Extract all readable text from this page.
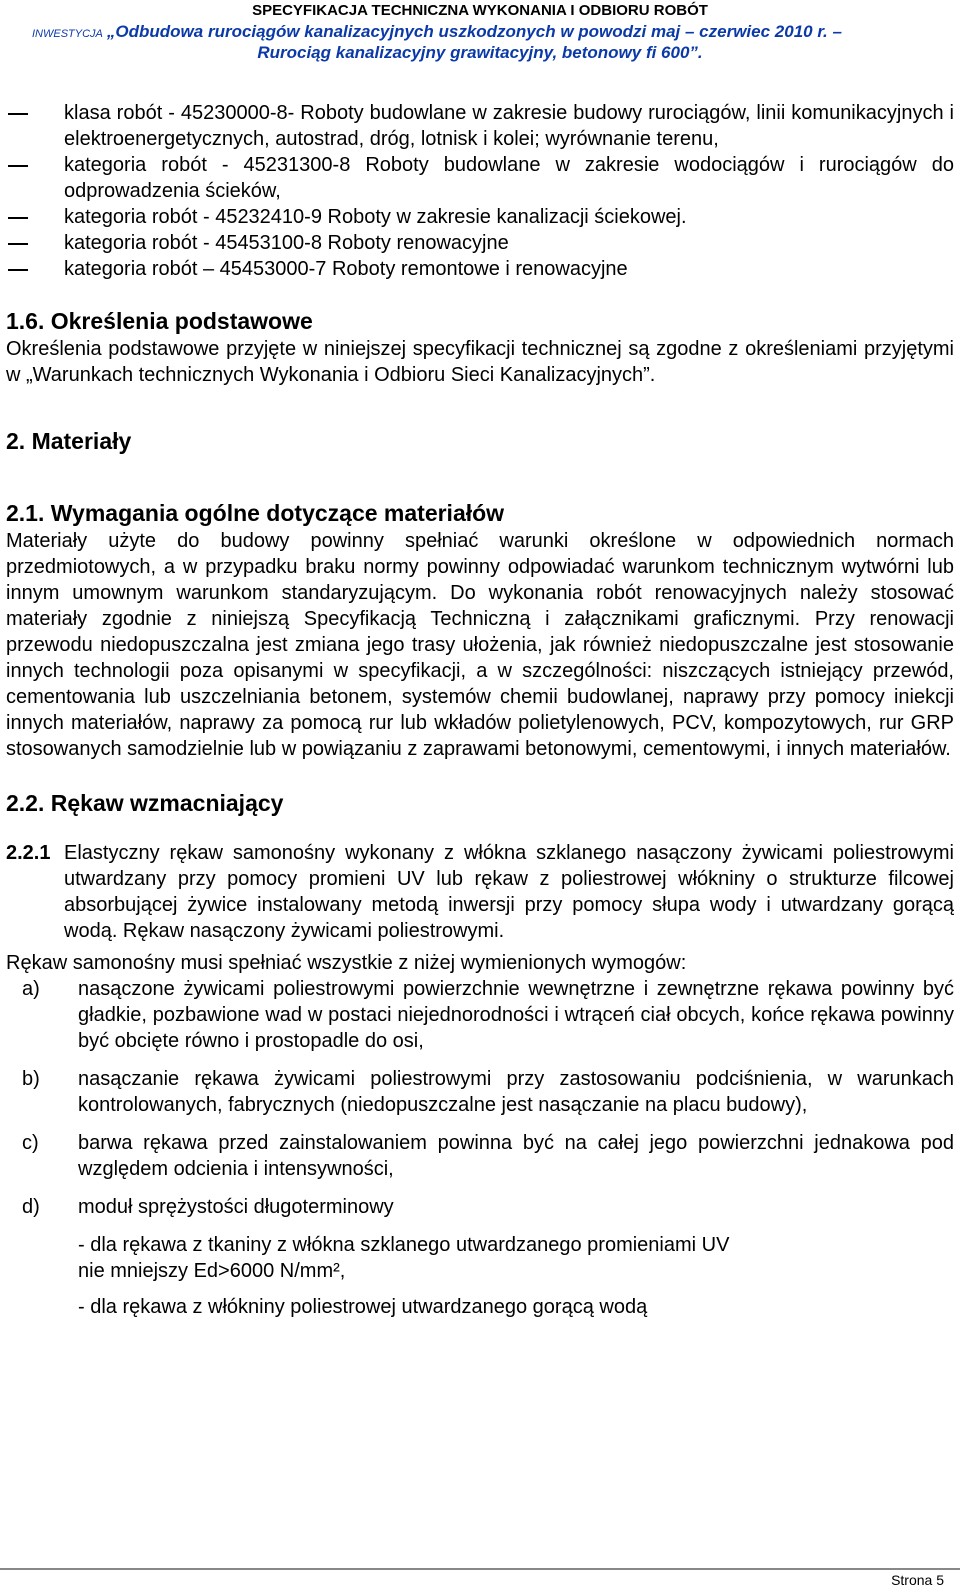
SPECYFIKACJA TECHNICZNA WYKONANIA I ODBIORU ROBÓT
INWESTYCJA „Odbudowa rurociągów kanalizacyjnych uszkodzonych w powodzi maj – czerwiec 2010 r. –
Rurociąg kanalizacyjny grawitacyjny, betonowy fi 600”.
klasa robót - 45230000-8- Roboty budowlane w zakresie budowy rurociągów, linii komunikacyjnych i elektroenergetycznych, autostrad, dróg, lotnisk i kolei; wyrównanie terenu,
kategoria robót - 45231300-8 Roboty budowlane w zakresie wodociągów i rurociągów do odprowadzenia ścieków,
kategoria robót - 45232410-9 Roboty w zakresie kanalizacji ściekowej.
kategoria robót - 45453100-8 Roboty renowacyjne
kategoria robót – 45453000-7 Roboty remontowe i renowacyjne
1.6. Określenia podstawowe
Określenia podstawowe przyjęte w niniejszej specyfikacji technicznej są zgodne z określeniami przyjętymi w „Warunkach technicznych Wykonania i Odbioru Sieci Kanalizacyjnych”.
2. Materiały
2.1. Wymagania ogólne dotyczące materiałów
Materiały użyte do budowy powinny spełniać warunki określone w odpowiednich normach przedmiotowych, a w przypadku braku normy powinny odpowiadać warunkom technicznym wytwórni lub innym umownym warunkom standaryzującym. Do wykonania robót renowacyjnych należy stosować materiały zgodnie z niniejszą Specyfikacją Techniczną i załącznikami graficznymi. Przy renowacji przewodu niedopuszczalna jest zmiana jego trasy ułożenia, jak również niedopuszczalne jest stosowanie innych technologii poza opisanymi w specyfikacji, a w szczególności: niszczących istniejący przewód, cementowania lub uszczelniania betonem, systemów chemii budowlanej, naprawy przy pomocy iniekcji innych materiałów, naprawy za pomocą rur lub wkładów polietylenowych, PCV, kompozytowych, rur GRP stosowanych samodzielnie lub w powiązaniu z zaprawami betonowymi, cementowymi, i innych materiałów.
2.2. Rękaw wzmacniający
2.2.1 Elastyczny rękaw samonośny wykonany z włókna szklanego nasączony żywicami poliestrowymi utwardzany przy pomocy promieni UV lub rękaw z poliestrowej włókniny o strukturze filcowej absorbującej żywice instalowany metodą inwersji przy pomocy słupa wody i utwardzany gorącą wodą. Rękaw nasączony żywicami poliestrowymi.
Rękaw samonośny musi spełniać wszystkie z niżej wymienionych wymogów:
a) nasączone żywicami poliestrowymi powierzchnie wewnętrzne i zewnętrzne rękawa powinny być gładkie, pozbawione wad w postaci niejednorodności i wtrąceń ciał obcych, końce rękawa powinny być obcięte równo i prostopadle do osi,
b) nasączanie rękawa żywicami poliestrowymi przy zastosowaniu podciśnienia, w warunkach kontrolowanych, fabrycznych (niedopuszczalne jest nasączanie na placu budowy),
c) barwa rękawa przed zainstalowaniem powinna być na całej jego powierzchni jednakowa pod względem odcienia i intensywności,
d) moduł sprężystości długoterminowy
- dla rękawa z tkaniny z włókna szklanego utwardzanego promieniami UV
nie mniejszy Ed>6000 N/mm²,
- dla rękawa z włókniny poliestrowej utwardzanego gorącą wodą
Strona 5
